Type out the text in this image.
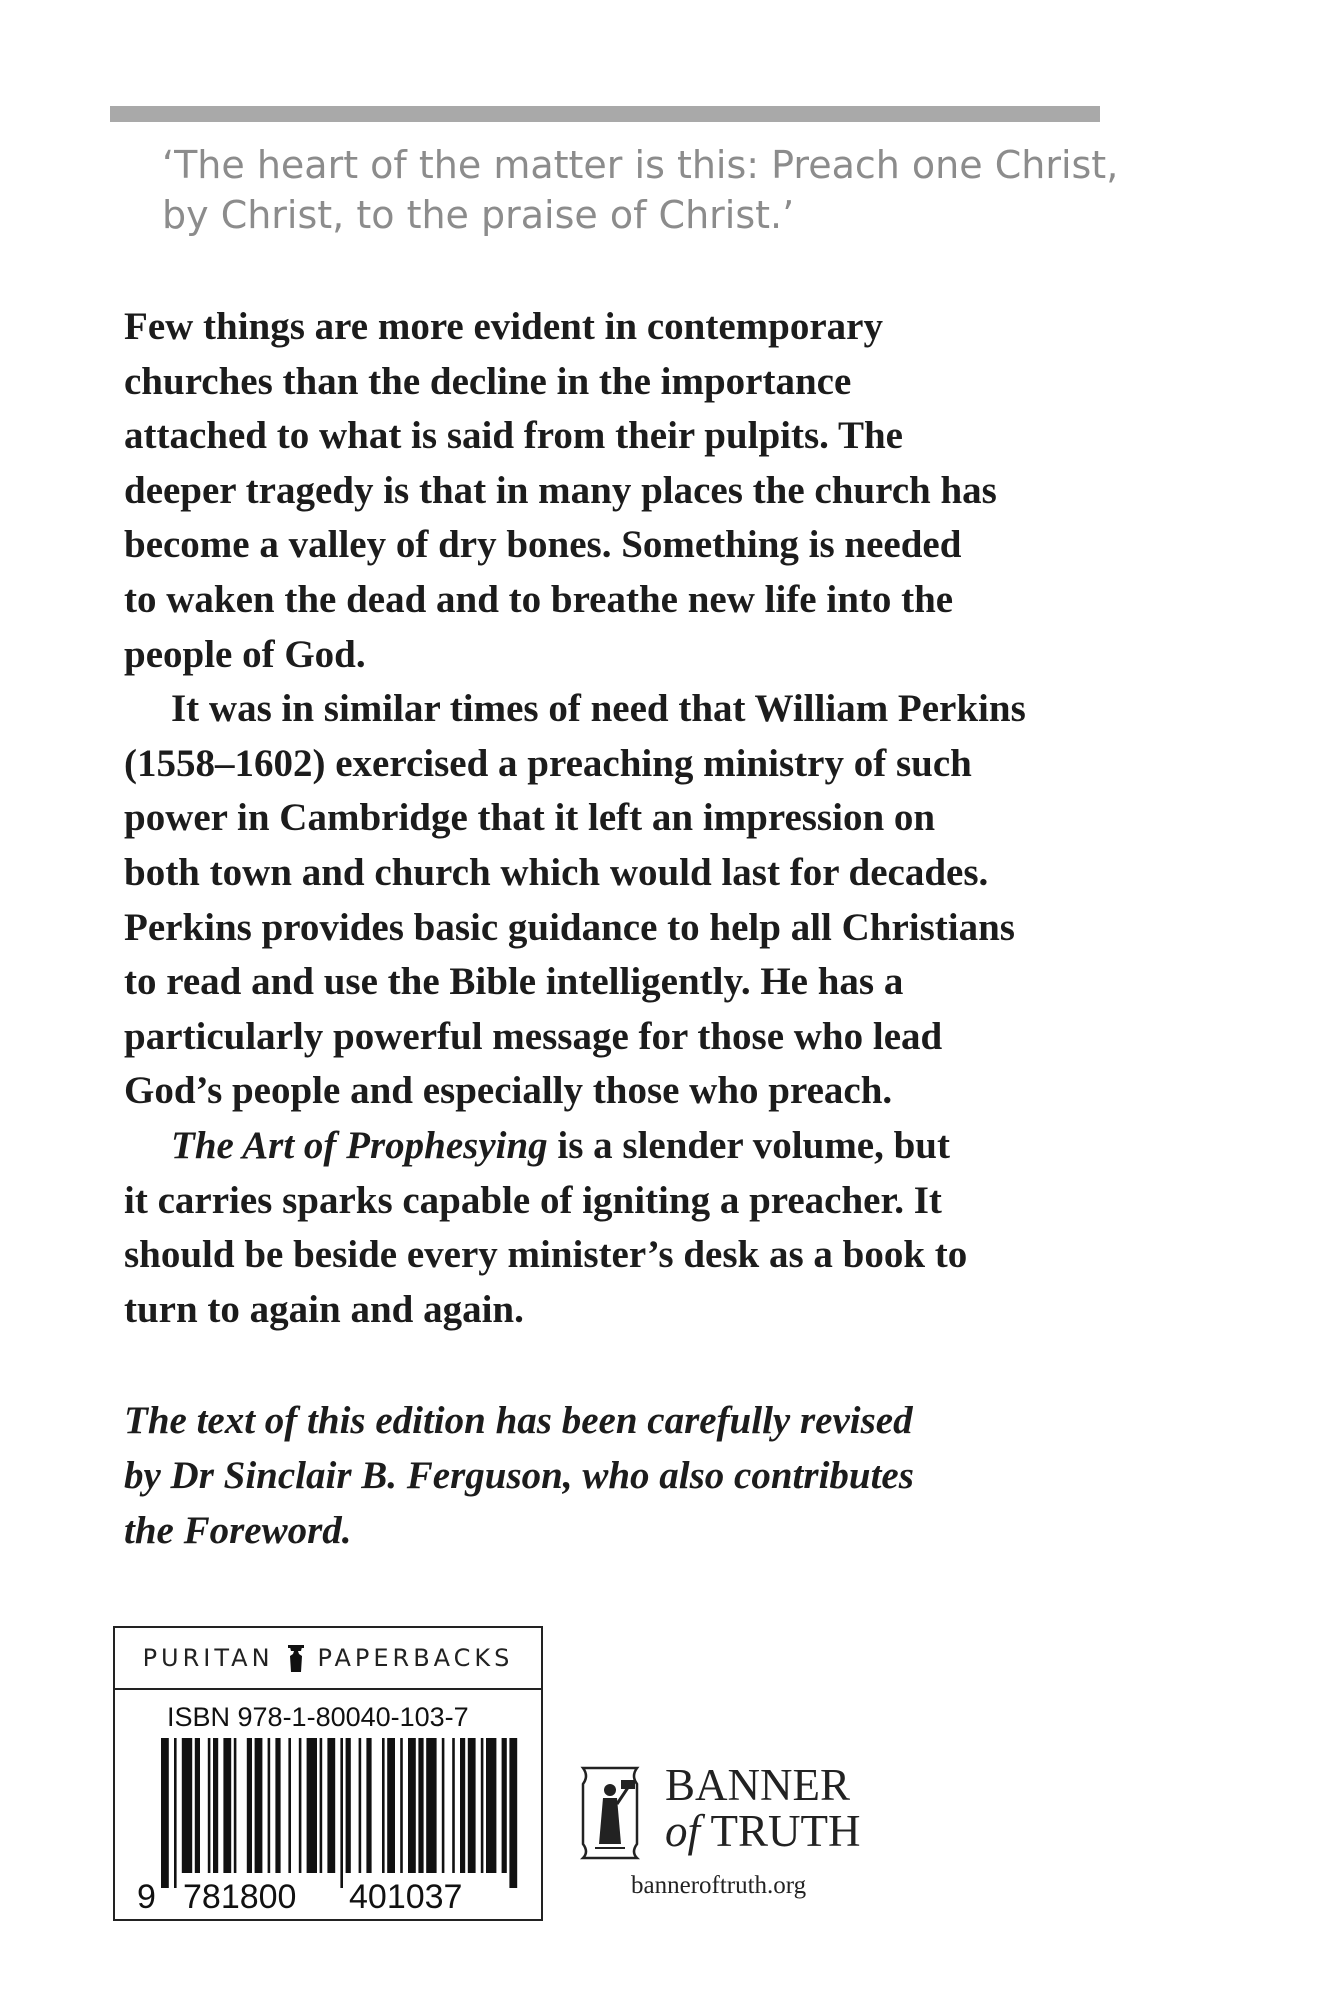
‘The heart of the matter is this: Preach one Christ,
by Christ, to the praise of Christ.’
Few things are more evident in contemporary
churches than the decline in the importance
attached to what is said from their pulpits. The
deeper tragedy is that in many places the church has
become a valley of dry bones. Something is needed
to waken the dead and to breathe new life into the
people of God.
It was in similar times of need that William Perkins
(1558–1602) exercised a preaching ministry of such
power in Cambridge that it left an impression on
both town and church which would last for decades.
Perkins provides basic guidance to help all Christians
to read and use the Bible intelligently. He has a
particularly powerful message for those who lead
God’s people and especially those who preach.
The Art of Prophesying is a slender volume, but
it carries sparks capable of igniting a preacher. It
should be beside every minister’s desk as a book to
turn to again and again.
The text of this edition has been carefully revised
by Dr Sinclair B. Ferguson, who also contributes
the Foreword.
PURITAN PAPERBACKS
ISBN 978-1-80040-103-7
9 781800 401037
BANNER
of TRUTH
banneroftruth.org
